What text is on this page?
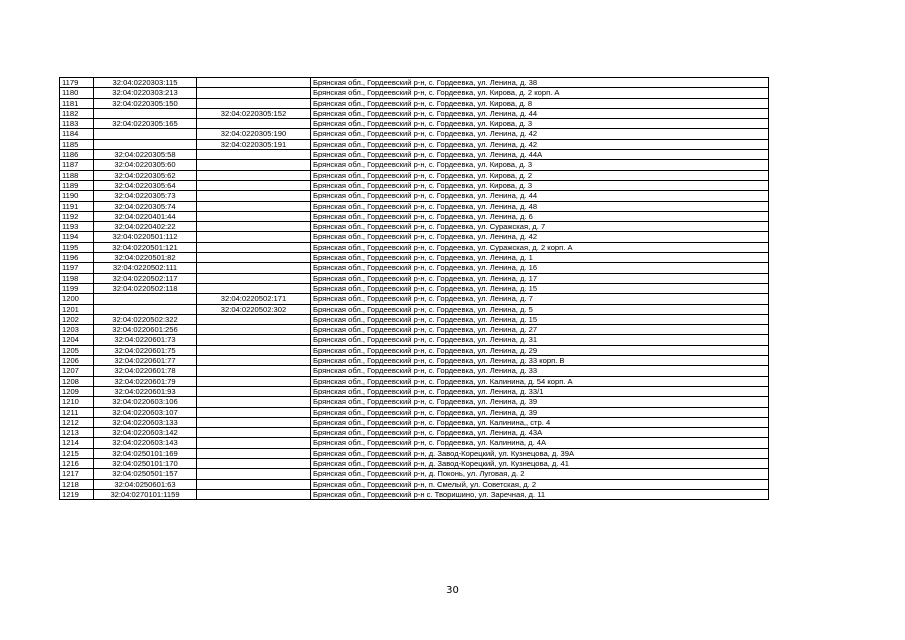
1179	32:04:0220303:115		Брянская обл., Гордеевский р-н, с. Гордеевка, ул. Ленина, д. 38
1180	32:04:0220303:213		Брянская обл., Гордеевский р-н, с. Гордеевка, ул. Кирова, д. 2 корп. А
1181	32:04:0220305:150		Брянская обл., Гордеевский р-н, с. Гордеевка, ул. Кирова, д. 8
1182		32:04:0220305:152	Брянская обл., Гордеевский р-н, с. Гордеевка, ул. Ленина, д. 44
1183	32:04:0220305:165		Брянская обл., Гордеевский р-н, с. Гордеевка, ул. Кирова, д. 3
1184		32:04:0220305:190	Брянская обл., Гордеевский р-н, с. Гордеевка, ул. Ленина, д. 42
1185		32:04:0220305:191	Брянская обл., Гордеевский р-н, с. Гордеевка, ул. Ленина, д. 42
1186	32:04:0220305:58		Брянская обл., Гордеевский р-н, с. Гордеевка, ул. Ленина, д. 44А
1187	32:04:0220305:60		Брянская обл., Гордеевский р-н, с. Гордеевка, ул. Кирова, д. 3
1188	32:04:0220305:62		Брянская обл., Гордеевский р-н, с. Гордеевка, ул. Кирова, д. 2
1189	32:04:0220305:64		Брянская обл., Гордеевский р-н, с. Гордеевка, ул. Кирова, д. 3
1190	32:04:0220305:73		Брянская обл., Гордеевский р-н, с. Гордеевка, ул. Ленина, д. 44
1191	32:04:0220305:74		Брянская обл., Гордеевский р-н, с. Гордеевка, ул. Ленина, д. 48
1192	32:04:0220401:44		Брянская обл., Гордеевский р-н, с. Гордеевка, ул. Ленина, д. 6
1193	32:04:0220402:22		Брянская обл., Гордеевский р-н, с. Гордеевка, ул. Суражская, д. 7
1194	32:04:0220501:112		Брянская обл., Гордеевский р-н, с. Гордеевка, ул. Ленина, д. 42
1195	32:04:0220501:121		Брянская обл., Гордеевский р-н, с. Гордеевка, ул. Суражская, д. 2 корп. А
1196	32:04:0220501:82		Брянская обл., Гордеевский р-н, с. Гордеевка, ул. Ленина, д. 1
1197	32:04:0220502:111		Брянская обл., Гордеевский р-н, с. Гордеевка, ул. Ленина, д. 16
1198	32:04:0220502:117		Брянская обл., Гордеевский р-н, с. Гордеевка, ул. Ленина, д. 17
1199	32:04:0220502:118		Брянская обл., Гордеевский р-н, с. Гордеевка, ул. Ленина, д. 15
1200		32:04:0220502:171	Брянская обл., Гордеевский р-н, с. Гордеевка, ул. Ленина, д. 7
1201		32:04:0220502:302	Брянская обл., Гордеевский р-н, с. Гордеевка, ул. Ленина, д. 5
1202	32:04:0220502:322		Брянская обл., Гордеевский р-н, с. Гордеевка, ул. Ленина, д. 15
1203	32:04:0220601:256		Брянская обл., Гордеевский р-н, с. Гордеевка, ул. Ленина, д. 27
1204	32:04:0220601:73		Брянская обл., Гордеевский р-н, с. Гордеевка, ул. Ленина, д. 31
1205	32:04:0220601:75		Брянская обл., Гордеевский р-н, с. Гордеевка, ул. Ленина, д. 29
1206	32:04:0220601:77		Брянская обл., Гордеевский р-н, с. Гордеевка, ул. Ленина, д. 33 корп. В
1207	32:04:0220601:78		Брянская обл., Гордеевский р-н, с. Гордеевка, ул. Ленина, д. 33
1208	32:04:0220601:79		Брянская обл., Гордеевский р-н, с. Гордеевка, ул. Калинина, д. 54 корп. А
1209	32:04:0220601:93		Брянская обл., Гордеевский р-н, с. Гордеевка, ул. Ленина, д. 33/1
1210	32:04:0220603:106		Брянская обл., Гордеевский р-н, с. Гордеевка, ул. Ленина, д. 39
1211	32:04:0220603:107		Брянская обл., Гордеевский р-н, с. Гордеевка, ул. Ленина, д. 39
1212	32:04:0220603:133		Брянская обл., Гордеевский р-н, с. Гордеевка, ул. Калинина,, стр. 4
1213	32:04:0220603:142		Брянская обл., Гордеевский р-н, с. Гордеевка, ул. Ленина, д. 43А
1214	32:04:0220603:143		Брянская обл., Гордеевский р-н, с. Гордеевка, ул. Калинина, д. 4А
1215	32:04:0250101:169		Брянская обл., Гордеевский р-н, д. Завод-Корецкий, ул. Кузнецова, д. 39А
1216	32:04:0250101:170		Брянская обл., Гордеевский р-н, д. Завод-Корецкий, ул. Кузнецова, д. 41
1217	32:04:0250501:157		Брянская обл., Гордеевский р-н, д. Поконь, ул. Луговая, д. 2
1218	32:04:0250601:63		Брянская обл., Гордеевский р-н, п. Смелый, ул. Советская, д. 2
1219	32:04:0270101:1159		Брянская обл., Гордеевский р-н с. Творишино, ул. Заречная, д. 11
30
